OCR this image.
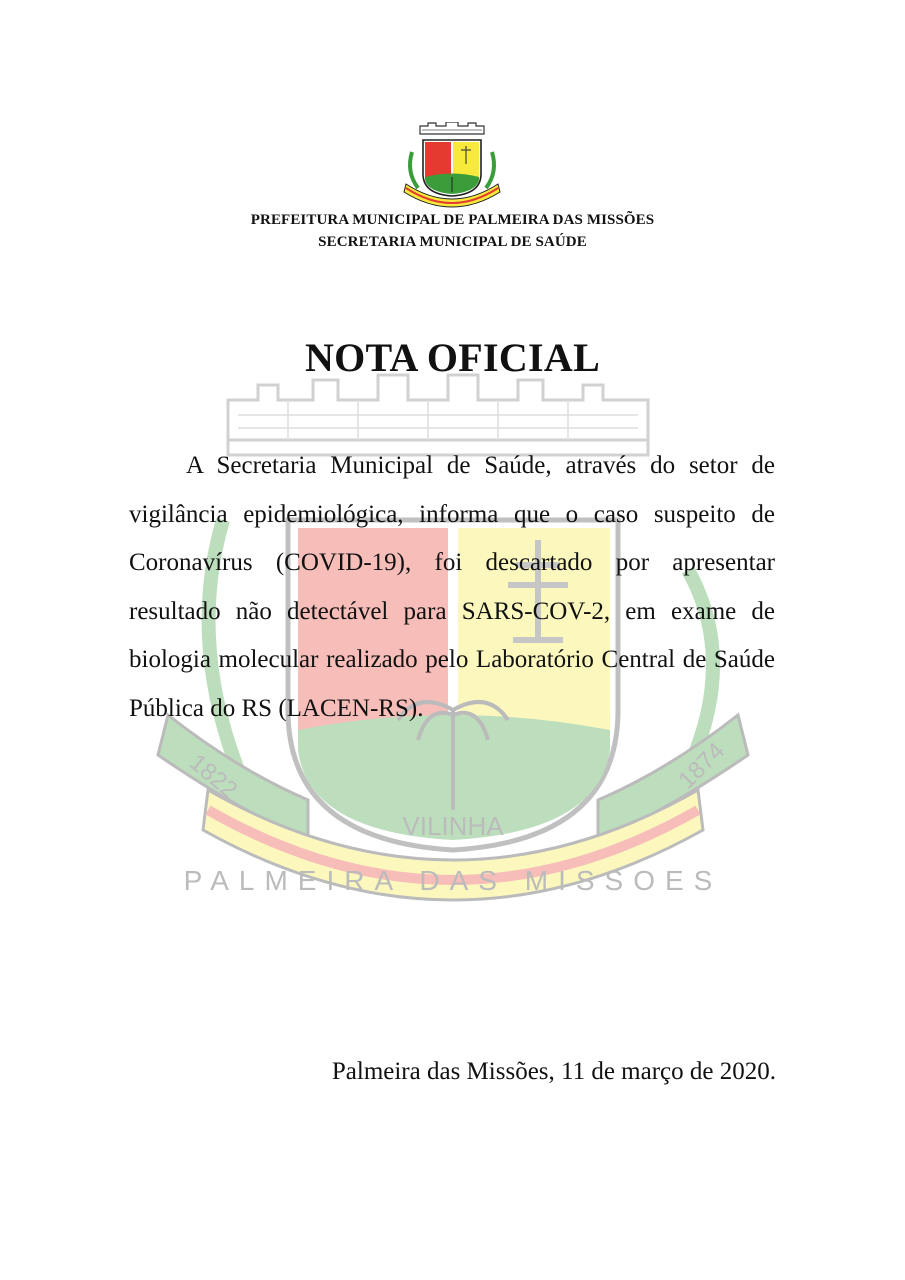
VILINHA
1822	1874
PALMEIRA DAS MISSOES
PREFEITURA MUNICIPAL DE PALMEIRA DAS MISSÕES
SECRETARIA MUNICIPAL DE SAÚDE
NOTA OFICIAL

A Secretaria Municipal de Saúde, através do setor de vigilância epidemiológica, informa que o caso suspeito de Coronavírus (COVID-19), foi descartado por apresentar resultado não detectável para SARS-COV-2, em exame de biologia molecular realizado pelo Laboratório Central de Saúde Pública do RS (LACEN-RS).

Palmeira das Missões, 11 de março de 2020.
